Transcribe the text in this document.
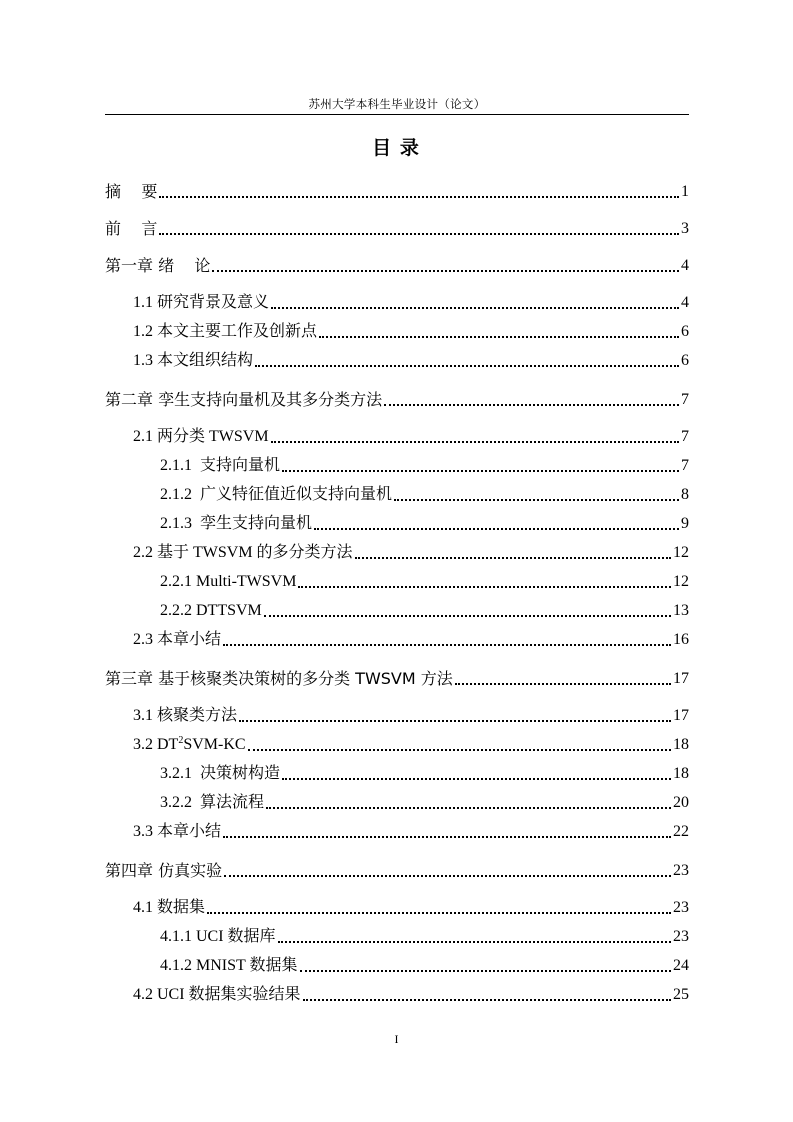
苏州大学本科生毕业设计（论文）
目 录
摘    要	1
前    言	3
第一章 绪    论	4
1.1 研究背景及意义	4
1.2 本文主要工作及创新点	6
1.3 本文组织结构	6
第二章 孪生支持向量机及其多分类方法	7
2.1 两分类 TWSVM	7
2.1.1  支持向量机	7
2.1.2  广义特征值近似支持向量机	8
2.1.3  孪生支持向量机	9
2.2 基于 TWSVM 的多分类方法	12
2.2.1 Multi-TWSVM	12
2.2.2 DTTSVM	13
2.3 本章小结	16
第三章 基于核聚类决策树的多分类 TWSVM 方法	17
3.1 核聚类方法	17
3.2 $DT^2SVM-KC$	18
3.2.1  决策树构造	18
3.2.2  算法流程	20
3.3 本章小结	22
第四章 仿真实验	23
4.1 数据集	23
4.1.1 UCI 数据库	23
4.1.2 MNIST 数据集	24
4.2 UCI 数据集实验结果	25
I
